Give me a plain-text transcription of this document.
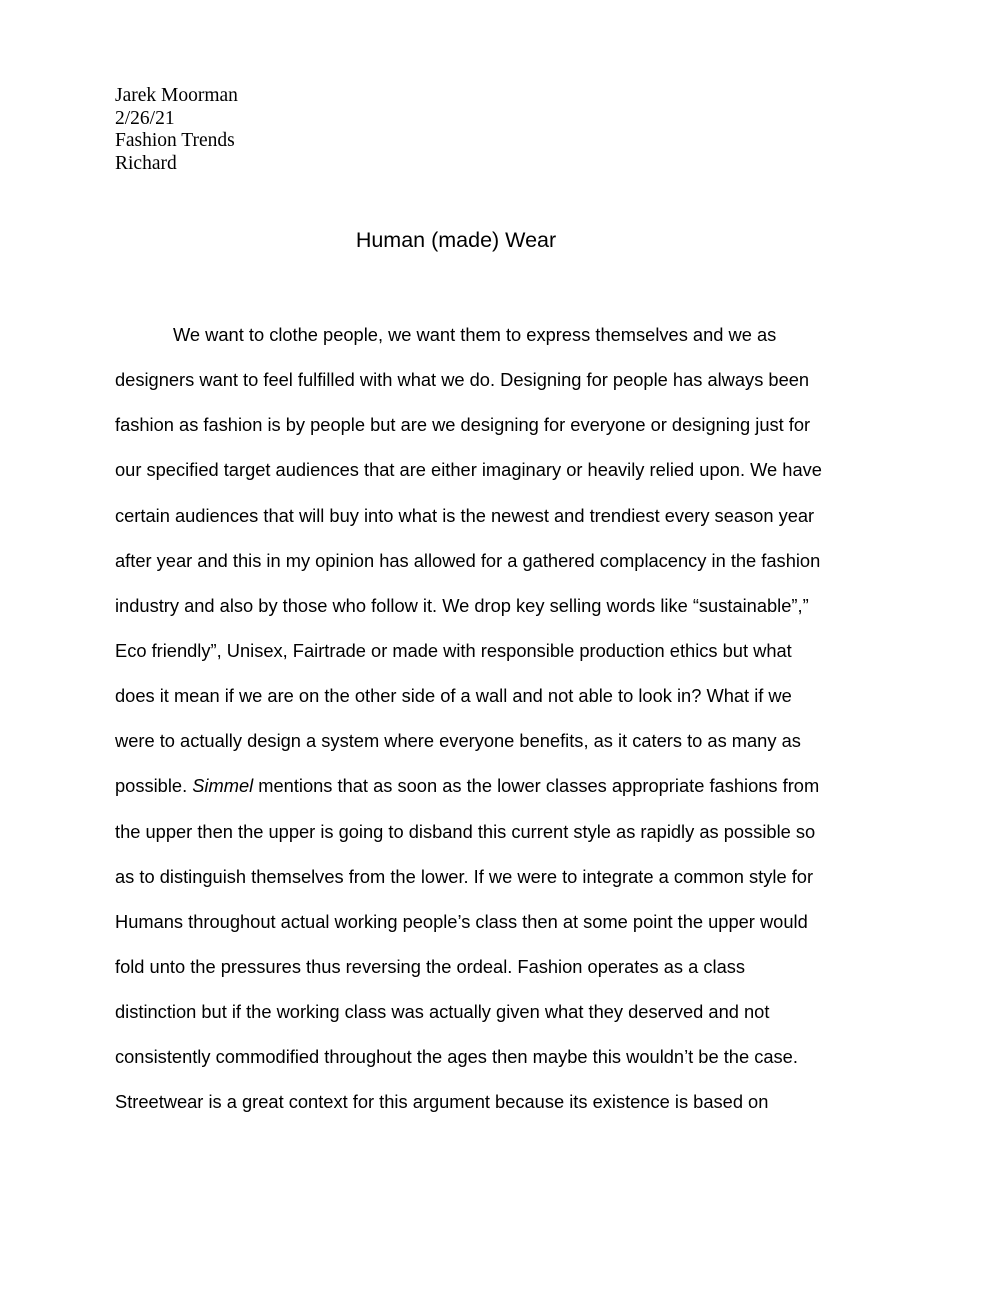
Jarek Moorman
2/26/21
Fashion Trends
Richard
Human (made) Wear
We want to clothe people, we want them to express themselves and we as
designers want to feel fulfilled with what we do. Designing for people has always been
fashion as fashion is by people but are we designing for everyone or designing just for
our specified target audiences that are either imaginary or heavily relied upon. We have
certain audiences that will buy into what is the newest and trendiest every season year
after year and this in my opinion has allowed for a gathered complacency in the fashion
industry and also by those who follow it. We drop key selling words like “sustainable”,”
Eco friendly”, Unisex, Fairtrade or made with responsible production ethics but what
does it mean if we are on the other side of a wall and not able to look in? What if we
were to actually design a system where everyone benefits, as it caters to as many as
possible. Simmel mentions that as soon as the lower classes appropriate fashions from
the upper then the upper is going to disband this current style as rapidly as possible so
as to distinguish themselves from the lower. If we were to integrate a common style for
Humans throughout actual working people’s class then at some point the upper would
fold unto the pressures thus reversing the ordeal. Fashion operates as a class
distinction but if the working class was actually given what they deserved and not
consistently commodified throughout the ages then maybe this wouldn’t be the case.
Streetwear is a great context for this argument because its existence is based on
